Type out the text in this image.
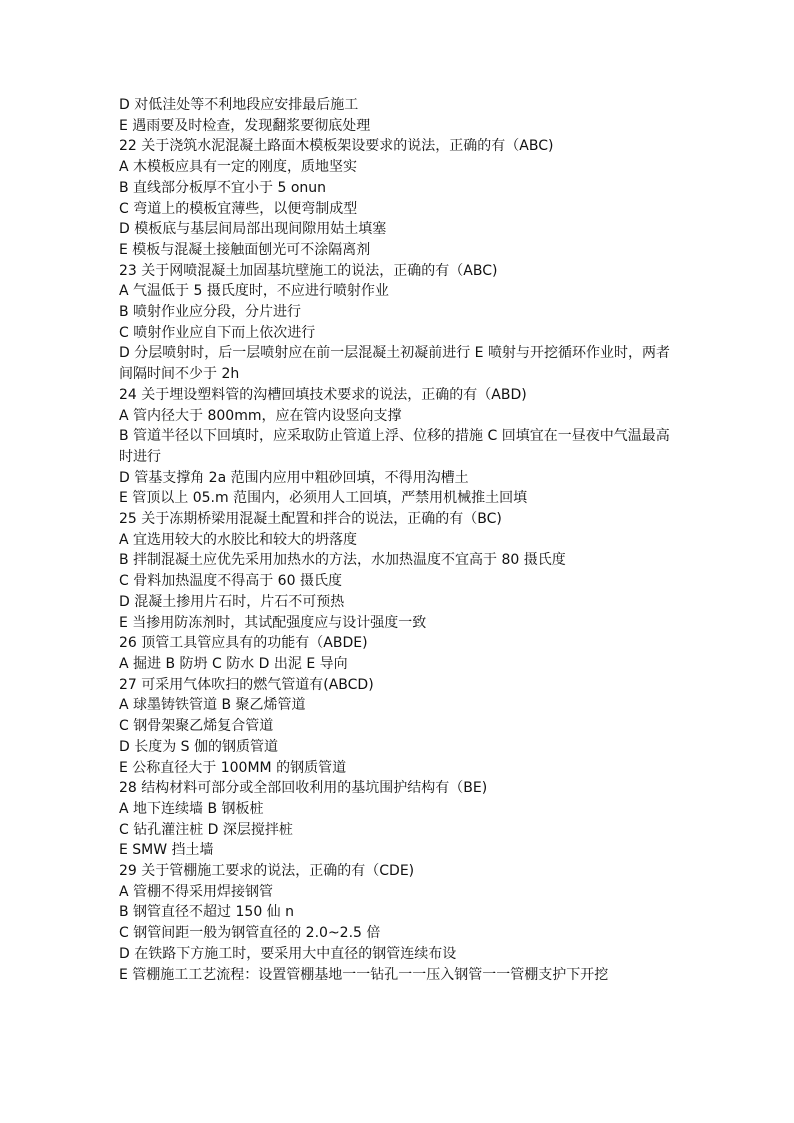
D 对低洼处等不利地段应安排最后施工

E 遇雨要及时检查，发现翻浆要彻底处理

22 关于浇筑水泥混凝土路面木模板架设要求的说法，正确的有（ABC)

A 木模板应具有一定的刚度，质地坚实

B 直线部分板厚不宜小于 5 onun

C 弯道上的模板宜薄些，以便弯制成型

D 模板底与基层间局部出现间隙用姑土填塞

E 模板与混凝土接触面刨光可不涂隔离剂

23 关于网喷混凝土加固基坑壁施工的说法，正确的有（ABC)

A 气温低于 5 摄氏度时，不应进行喷射作业

B 喷射作业应分段，分片进行

C 喷射作业应自下而上依次进行

D 分层喷射时，后一层喷射应在前一层混凝土初凝前进行 E 喷射与开挖循环作业时，两者间隔时间不少于 2h

24 关于埋设塑料管的沟槽回填技术要求的说法，正确的有（ABD)

A 管内径大于 800mm，应在管内设竖向支撑

B 管道半径以下回填时，应采取防止管道上浮、位移的措施 C 回填宜在一昼夜中气温最高时进行

D 管基支撑角 2a 范围内应用中粗砂回填，不得用沟槽土

E 管顶以上 05.m 范围内，必须用人工回填，严禁用机械推土回填

25 关于冻期桥梁用混凝土配置和拌合的说法，正确的有（BC)

A 宜选用较大的水胶比和较大的坍落度

B 拌制混凝土应优先采用加热水的方法，水加热温度不宜高于 80 摄氏度

C 骨料加热温度不得高于 60 摄氏度

D 混凝土掺用片石时，片石不可预热

E 当掺用防冻剂时，其试配强度应与设计强度一致

26 顶管工具管应具有的功能有（ABDE)

A 掘进 B 防坍 C 防水 D 出泥 E 导向

27 可采用气体吹扫的燃气管道有(ABCD)

A 球墨铸铁管道 B 聚乙烯管道

C 钢骨架聚乙烯复合管道

D 长度为 S 伽的钢质管道

E 公称直径大于 100MM 的钢质管道

28 结构材料可部分或全部回收利用的基坑围护结构有（BE)

A 地下连续墙 B 钢板桩

C 钻孔灌注桩 D 深层搅拌桩

E SMW 挡土墙

29 关于管棚施工要求的说法，正确的有（CDE)

A 管棚不得采用焊接钢管

B 钢管直径不超过 150 仙 n

C 钢管间距一般为钢管直径的 2.0~2.5 倍

D 在铁路下方施工时，要采用大中直径的钢管连续布设

E 管棚施工工艺流程：设置管棚基地一一钻孔一一压入钢管一一管棚支护下开挖
